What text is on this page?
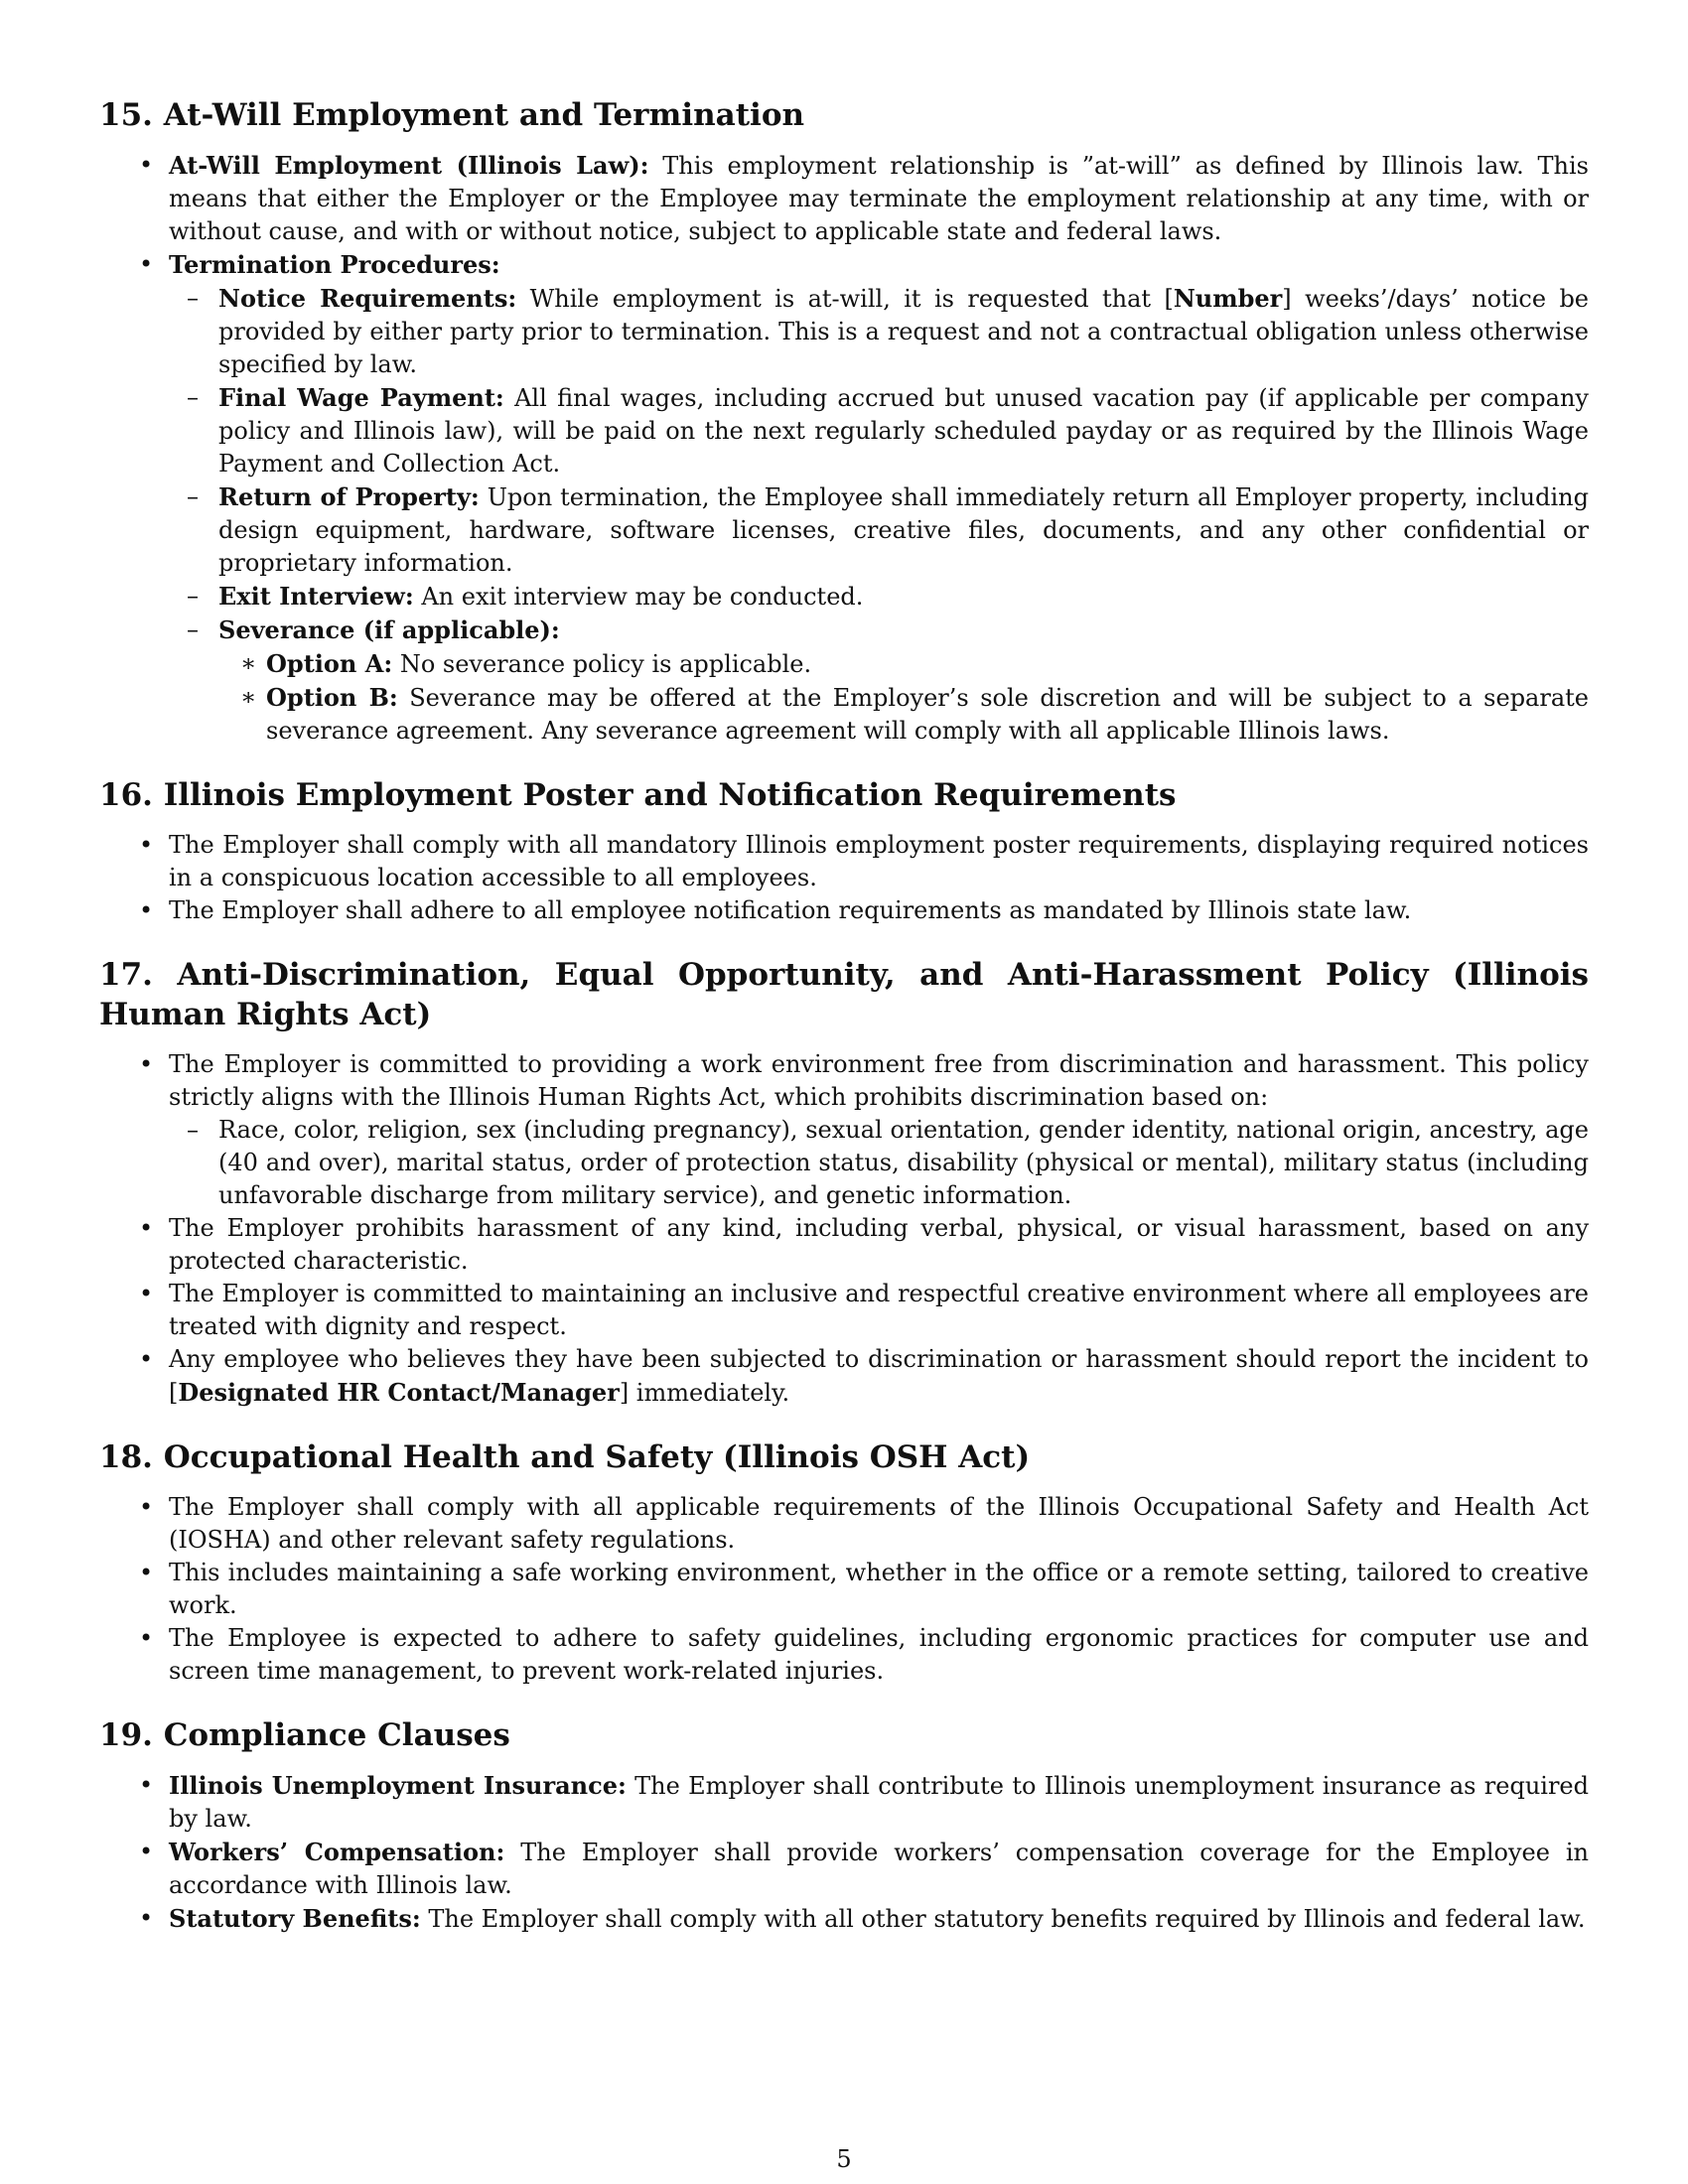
15. At-Will Employment and Termination
• At-Will Employment (Illinois Law): This employment relationship is ”at-will” as defined by Illinois law. This means that either the Employer or the Employee may terminate the employment relationship at any time, with or without cause, and with or without notice, subject to applicable state and federal laws.
• Termination Procedures:
– Notice Requirements: While employment is at-will, it is requested that [Number] weeks’/days’ notice be provided by either party prior to termination. This is a request and not a contractual obligation unless otherwise specified by law.
– Final Wage Payment: All final wages, including accrued but unused vacation pay (if applicable per company policy and Illinois law), will be paid on the next regularly scheduled payday or as required by the Illinois Wage Payment and Collection Act.
– Return of Property: Upon termination, the Employee shall immediately return all Employer property, including design equipment, hardware, software licenses, creative files, documents, and any other confidential or proprietary information.
– Exit Interview: An exit interview may be conducted.
– Severance (if applicable):
∗ Option A: No severance policy is applicable.
∗ Option B: Severance may be offered at the Employer’s sole discretion and will be subject to a separate severance agreement. Any severance agreement will comply with all applicable Illinois laws.
16. Illinois Employment Poster and Notification Requirements
• The Employer shall comply with all mandatory Illinois employment poster requirements, displaying required notices in a conspicuous location accessible to all employees.
• The Employer shall adhere to all employee notification requirements as mandated by Illinois state law.
17. Anti-Discrimination, Equal Opportunity, and Anti-Harassment Policy (Illinois Human Rights Act)
• The Employer is committed to providing a work environment free from discrimination and harassment. This policy strictly aligns with the Illinois Human Rights Act, which prohibits discrimination based on:
– Race, color, religion, sex (including pregnancy), sexual orientation, gender identity, national origin, ancestry, age (40 and over), marital status, order of protection status, disability (physical or mental), military status (including unfavorable discharge from military service), and genetic information.
• The Employer prohibits harassment of any kind, including verbal, physical, or visual harassment, based on any protected characteristic.
• The Employer is committed to maintaining an inclusive and respectful creative environment where all employees are treated with dignity and respect.
• Any employee who believes they have been subjected to discrimination or harassment should report the incident to [Designated HR Contact/Manager] immediately.
18. Occupational Health and Safety (Illinois OSH Act)
• The Employer shall comply with all applicable requirements of the Illinois Occupational Safety and Health Act (IOSHA) and other relevant safety regulations.
• This includes maintaining a safe working environment, whether in the office or a remote setting, tailored to creative work.
• The Employee is expected to adhere to safety guidelines, including ergonomic practices for computer use and screen time management, to prevent work-related injuries.
19. Compliance Clauses
• Illinois Unemployment Insurance: The Employer shall contribute to Illinois unemployment insurance as required by law.
• Workers’ Compensation: The Employer shall provide workers’ compensation coverage for the Employee in accordance with Illinois law.
• Statutory Benefits: The Employer shall comply with all other statutory benefits required by Illinois and federal law.
5
